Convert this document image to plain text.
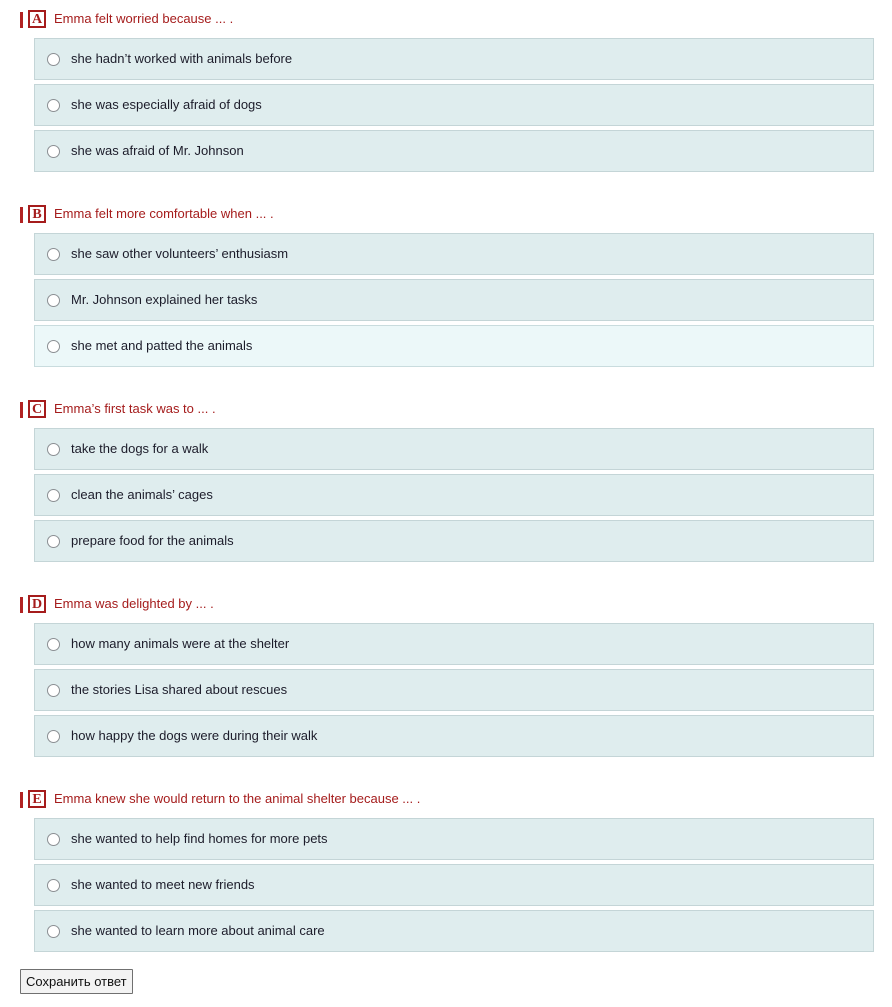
A Emma felt worried because ... .
she hadn’t worked with animals before
she was especially afraid of dogs
she was afraid of Mr. Johnson
B Emma felt more comfortable when ... .
she saw other volunteers’ enthusiasm
Mr. Johnson explained her tasks
she met and patted the animals
C Emma’s first task was to ... .
take the dogs for a walk
clean the animals’ cages
prepare food for the animals
D Emma was delighted by ... .
how many animals were at the shelter
the stories Lisa shared about rescues
how happy the dogs were during their walk
E Emma knew she would return to the animal shelter because ... .
she wanted to help find homes for more pets
she wanted to meet new friends
she wanted to learn more about animal care
Сохранить ответ
